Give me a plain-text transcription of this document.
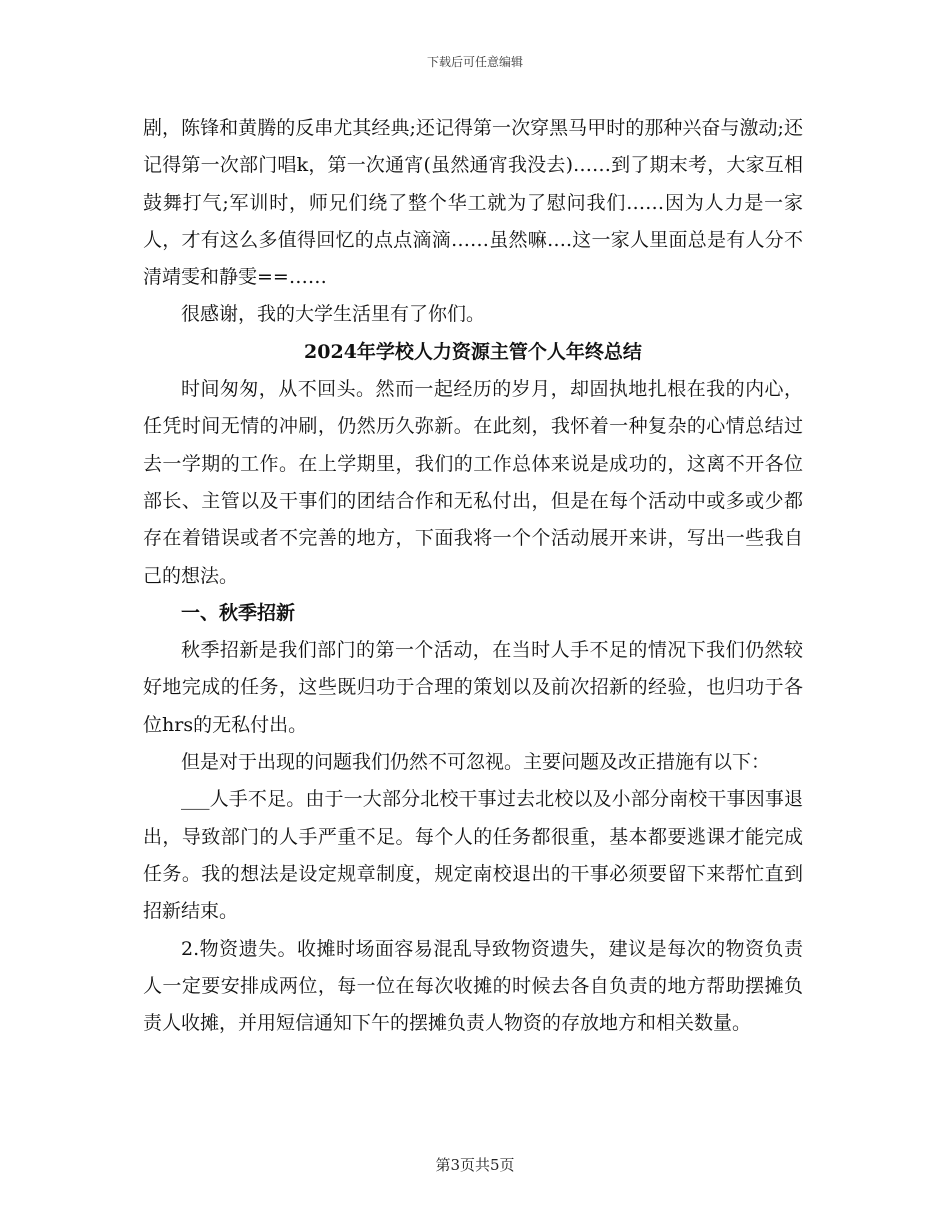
下载后可任意编辑

剧，陈锋和黄腾的反串尤其经典;还记得第一次穿黑马甲时的那种兴奋与激动;还记得第一次部门唱k，第一次通宵(虽然通宵我没去)……到了期末考，大家互相鼓舞打气;军训时，师兄们绕了整个华工就为了慰问我们……因为人力是一家人，才有这么多值得回忆的点点滴滴……虽然嘛….这一家人里面总是有人分不清靖雯和静雯==……

很感谢，我的大学生活里有了你们。

2024年学校人力资源主管个人年终总结

时间匆匆，从不回头。然而一起经历的岁月，却固执地扎根在我的内心，任凭时间无情的冲刷，仍然历久弥新。在此刻，我怀着一种复杂的心情总结过去一学期的工作。在上学期里，我们的工作总体来说是成功的，这离不开各位部长、主管以及干事们的团结合作和无私付出，但是在每个活动中或多或少都存在着错误或者不完善的地方，下面我将一个个活动展开来讲，写出一些我自己的想法。

一、秋季招新

秋季招新是我们部门的第一个活动，在当时人手不足的情况下我们仍然较好地完成的任务，这些既归功于合理的策划以及前次招新的经验，也归功于各位hrs的无私付出。

但是对于出现的问题我们仍然不可忽视。主要问题及改正措施有以下：

___人手不足。由于一大部分北校干事过去北校以及小部分南校干事因事退出，导致部门的人手严重不足。每个人的任务都很重，基本都要逃课才能完成任务。我的想法是设定规章制度，规定南校退出的干事必须要留下来帮忙直到招新结束。

2.物资遗失。收摊时场面容易混乱导致物资遗失，建议是每次的物资负责人一定要安排成两位，每一位在每次收摊的时候去各自负责的地方帮助摆摊负责人收摊，并用短信通知下午的摆摊负责人物资的存放地方和相关数量。

第3页共5页
